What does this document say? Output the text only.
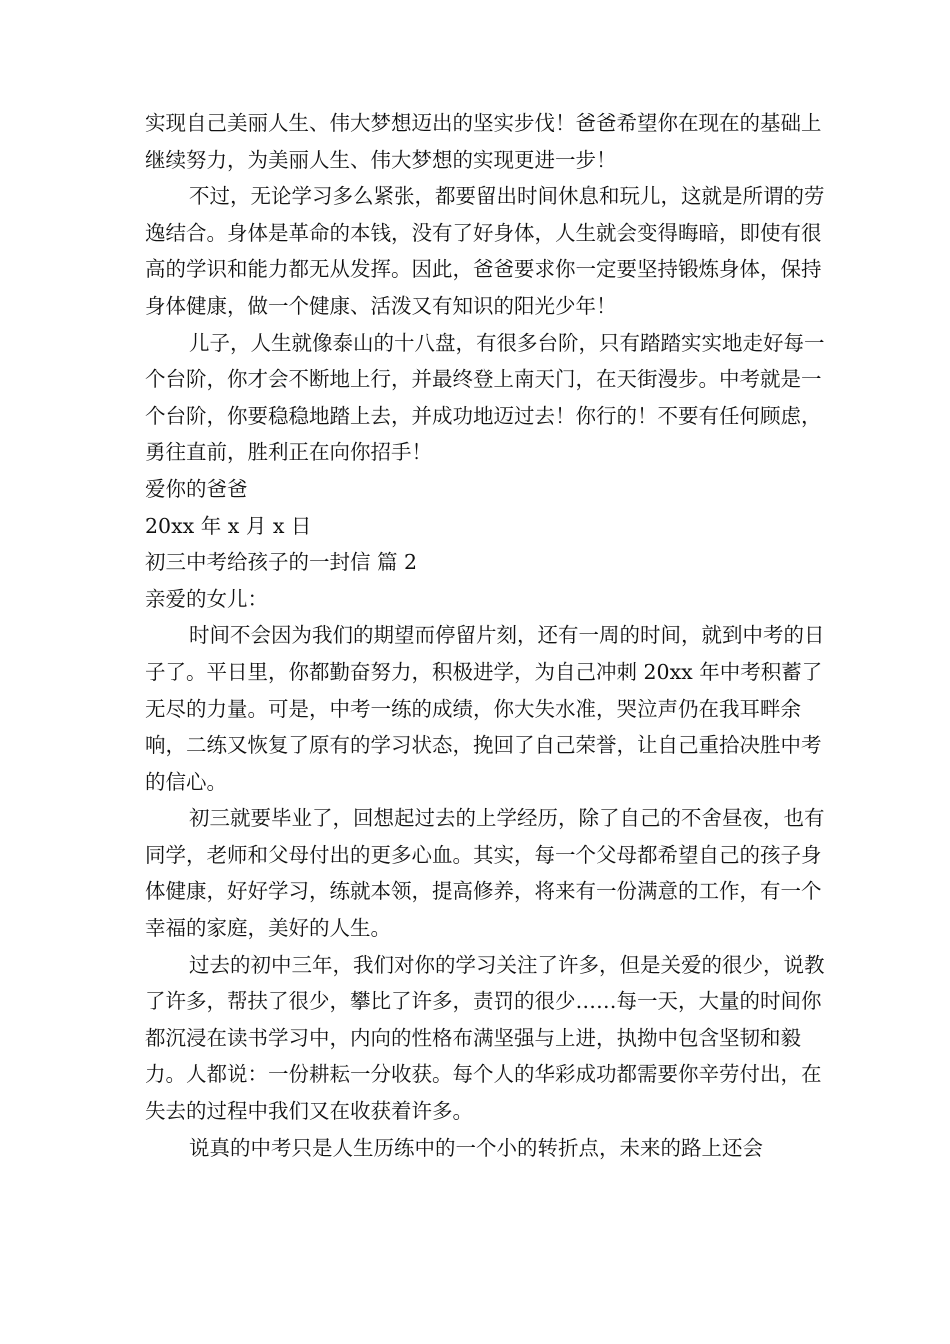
实现自己美丽人生、伟大梦想迈出的坚实步伐！爸爸希望你在现在的基础上继续努力，为美丽人生、伟大梦想的实现更进一步！

不过，无论学习多么紧张，都要留出时间休息和玩儿，这就是所谓的劳逸结合。身体是革命的本钱，没有了好身体，人生就会变得晦暗，即使有很高的学识和能力都无从发挥。因此，爸爸要求你一定要坚持锻炼身体，保持身体健康，做一个健康、活泼又有知识的阳光少年！

儿子，人生就像泰山的十八盘，有很多台阶，只有踏踏实实地走好每一个台阶，你才会不断地上行，并最终登上南天门，在天街漫步。中考就是一个台阶，你要稳稳地踏上去，并成功地迈过去！你行的！不要有任何顾虑，勇往直前，胜利正在向你招手！

爱你的爸爸

20xx 年 x 月 x 日

初三中考给孩子的一封信 篇 2

亲爱的女儿：

时间不会因为我们的期望而停留片刻，还有一周的时间，就到中考的日子了。平日里，你都勤奋努力，积极进学，为自己冲刺 20xx 年中考积蓄了无尽的力量。可是，中考一练的成绩，你大失水准，哭泣声仍在我耳畔余响，二练又恢复了原有的学习状态，挽回了自己荣誉，让自己重拾决胜中考的信心。

初三就要毕业了，回想起过去的上学经历，除了自己的不舍昼夜，也有同学，老师和父母付出的更多心血。其实，每一个父母都希望自己的孩子身体健康，好好学习，练就本领，提高修养，将来有一份满意的工作，有一个幸福的家庭，美好的人生。

过去的初中三年，我们对你的学习关注了许多，但是关爱的很少，说教了许多，帮扶了很少，攀比了许多，责罚的很少……每一天，大量的时间你都沉浸在读书学习中，内向的性格布满坚强与上进，执拗中包含坚韧和毅力。人都说：一份耕耘一分收获。每个人的华彩成功都需要你辛劳付出，在失去的过程中我们又在收获着许多。

说真的中考只是人生历练中的一个小的转折点，未来的路上还会
